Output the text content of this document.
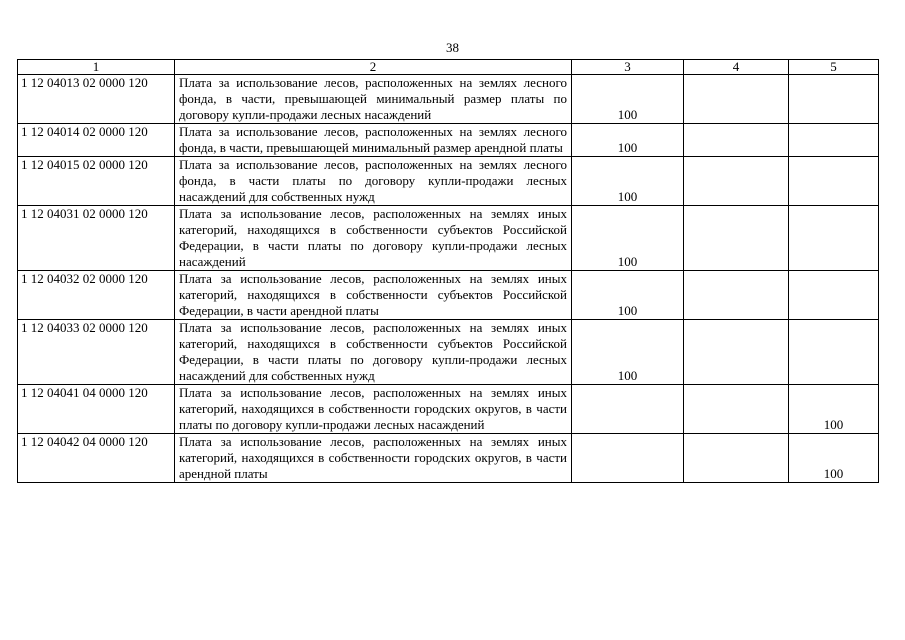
38
1	2	3	4	5
1 12 04013 02 0000 120	Плата за использование лесов, расположенных на землях лесного фонда, в части, превышающей минимальный размер платы по договору купли-продажи лесных насаждений	100		
1 12 04014 02 0000 120	Плата за использование лесов, расположенных на землях лесного фонда, в части, превышающей минимальный размер арендной платы	100		
1 12 04015 02 0000 120	Плата за использование лесов, расположенных на землях лесного фонда, в части платы по договору купли-продажи лесных насаждений для собственных нужд	100		
1 12 04031 02 0000 120	Плата за использование лесов, расположенных на землях иных категорий, находящихся в собственности субъектов Российской Федерации, в части платы по договору купли-продажи лесных насаждений	100		
1 12 04032 02 0000 120	Плата за использование лесов, расположенных на землях иных категорий, находящихся в собственности субъектов Российской Федерации, в части арендной платы	100		
1 12 04033 02 0000 120	Плата за использование лесов, расположенных на землях иных категорий, находящихся в собственности субъектов Российской Федерации, в части платы по договору купли-продажи лесных насаждений для собственных нужд	100		
1 12 04041 04 0000 120	Плата за использование лесов, расположенных на землях иных категорий, находящихся в собственности городских округов, в части платы по договору купли-продажи лесных насаждений			100
1 12 04042 04 0000 120	Плата за использование лесов, расположенных на землях иных категорий, находящихся в собственности городских округов, в части арендной платы			100
